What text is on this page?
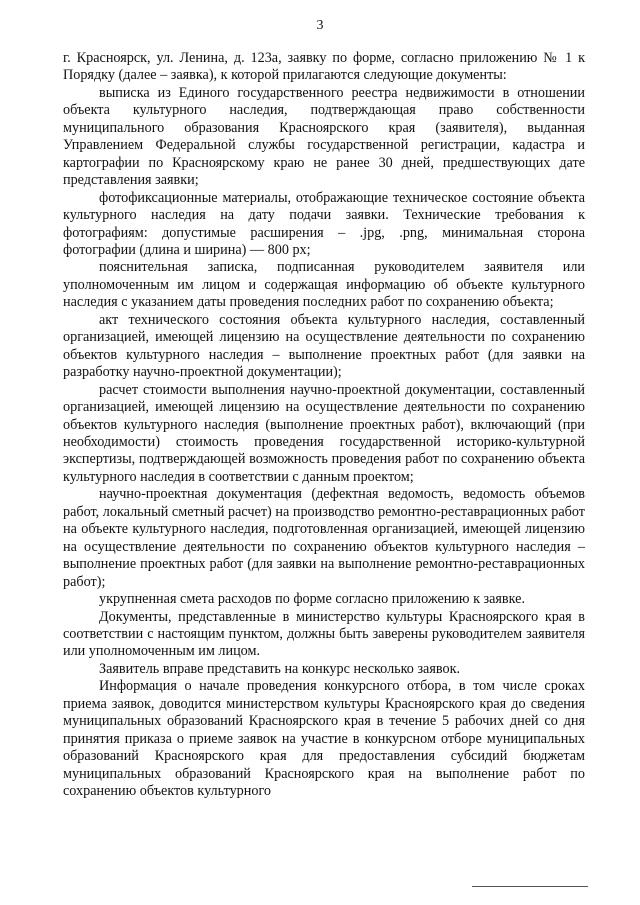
3

г. Красноярск, ул. Ленина, д. 123а, заявку по форме, согласно приложению № 1 к Порядку (далее – заявка), к которой прилагаются следующие документы:

выписка из Единого государственного реестра недвижимости в отношении объекта культурного наследия, подтверждающая право собственности муниципального образования Красноярского края (заявителя), выданная Управлением Федеральной службы государственной регистрации, кадастра и картографии по Красноярскому краю не ранее 30 дней, предшествующих дате представления заявки;

фотофиксационные материалы, отображающие техническое состояние объекта культурного наследия на дату подачи заявки. Технические требования к фотографиям: допустимые расширения – .jpg, .png, минимальная сторона фотографии (длина и ширина) — 800 px;

пояснительная записка, подписанная руководителем заявителя или уполномоченным им лицом и содержащая информацию об объекте культурного наследия с указанием даты проведения последних работ по сохранению объекта;

акт технического состояния объекта культурного наследия, составленный организацией, имеющей лицензию на осуществление деятельности по сохранению объектов культурного наследия – выполнение проектных работ (для заявки на разработку научно-проектной документации);

расчет стоимости выполнения научно-проектной документации, составленный организацией, имеющей лицензию на осуществление деятельности по сохранению объектов культурного наследия (выполнение проектных работ), включающий (при необходимости) стоимость проведения государственной историко-культурной экспертизы, подтверждающей возможность проведения работ по сохранению объекта культурного наследия в соответствии с данным проектом;

научно-проектная документация (дефектная ведомость, ведомость объемов работ, локальный сметный расчет) на производство ремонтно-реставрационных работ на объекте культурного наследия, подготовленная организацией, имеющей лицензию на осуществление деятельности по сохранению объектов культурного наследия – выполнение проектных работ (для заявки на выполнение ремонтно-реставрационных работ);

укрупненная смета расходов по форме согласно приложению к заявке.

Документы, представленные в министерство культуры Красноярского края в соответствии с настоящим пунктом, должны быть заверены руководителем заявителя или уполномоченным им лицом.

Заявитель вправе представить на конкурс несколько заявок.

Информация о начале проведения конкурсного отбора, в том числе сроках приема заявок, доводится министерством культуры Красноярского края до сведения муниципальных образований Красноярского края в течение 5 рабочих дней со дня принятия приказа о приеме заявок на участие в конкурсном отборе муниципальных образований Красноярского края для предоставления субсидий бюджетам муниципальных образований Красноярского края на выполнение работ по сохранению объектов культурного
